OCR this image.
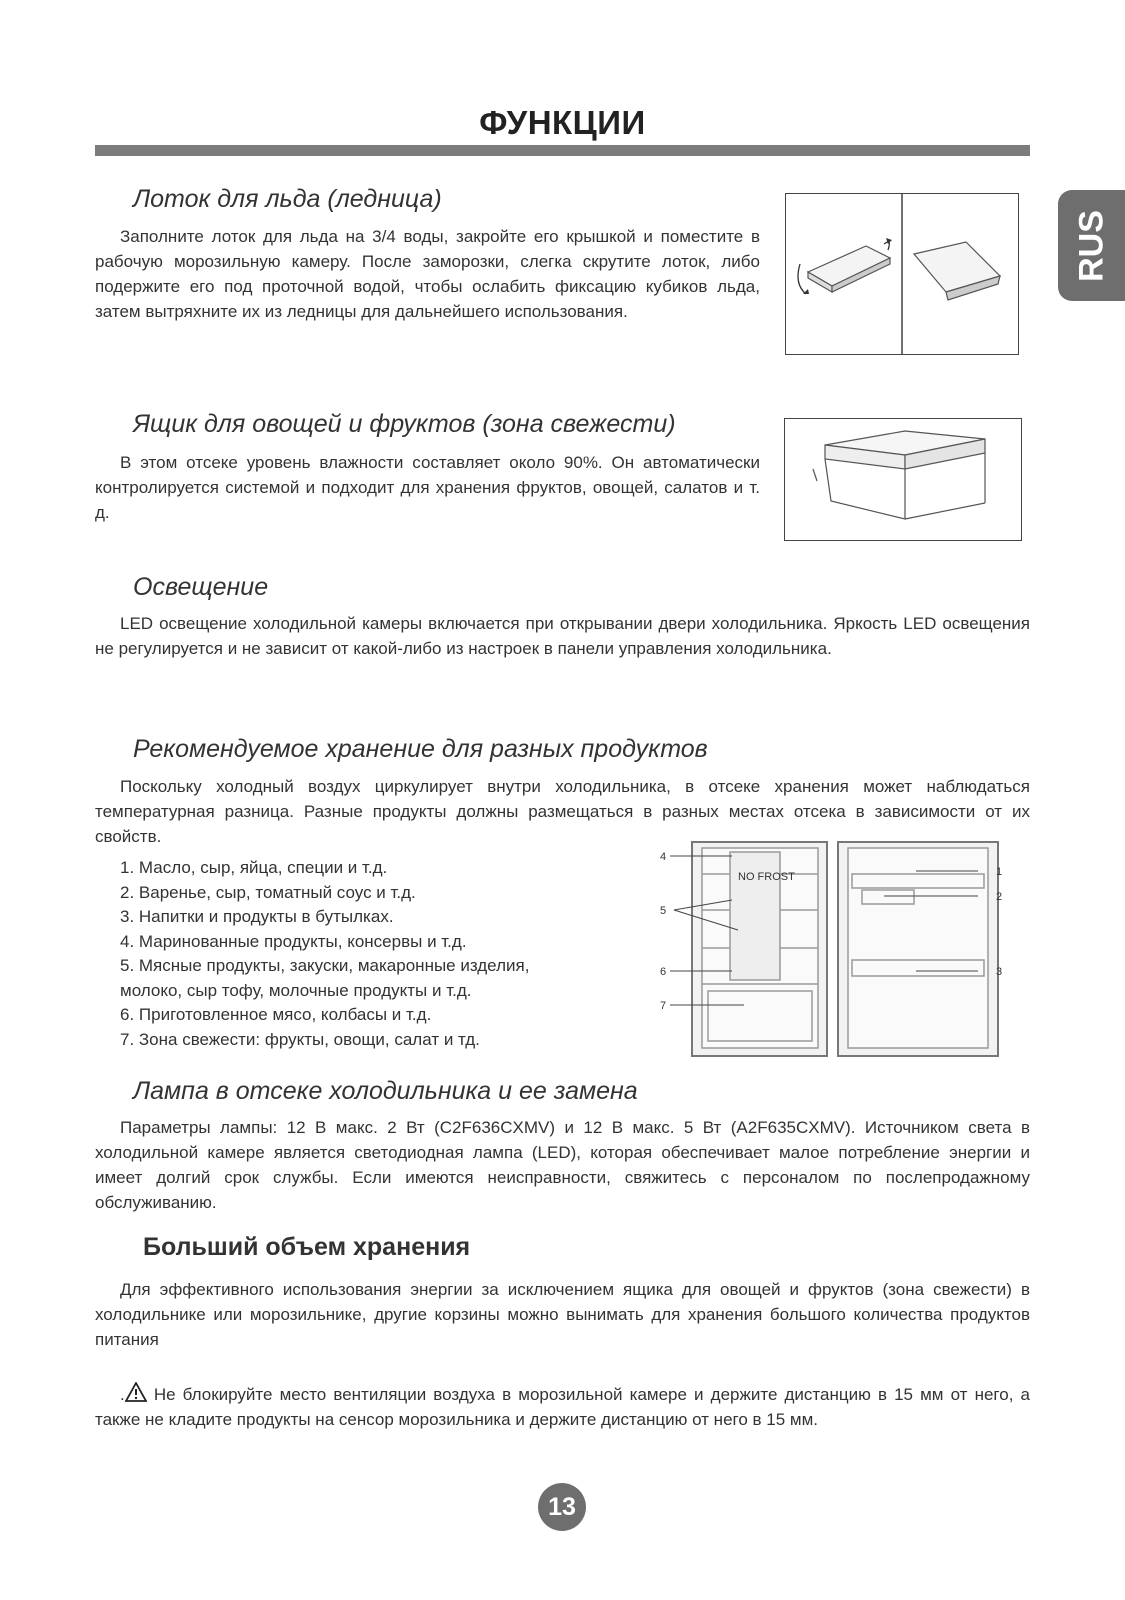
ФУНКЦИИ
RUS
Лоток для льда (ледница)
Заполните лоток для льда на 3/4 воды, закройте его крышкой и поместите в рабочую морозильную камеру. После заморозки, слегка скрутите лоток, либо подержите его под проточной водой, чтобы ослабить фиксацию кубиков льда, затем вытряхните их из ледницы для дальнейшего использования.
Ящик для овощей и фруктов (зона свежести)
В этом отсеке уровень влажности составляет около 90%. Он автоматически контролируется системой и подходит для хранения фруктов, овощей, салатов и т. д.
Освещение
LED освещение холодильной камеры включается при открывании двери холодильника. Яркость LED освещения не регулируется и не зависит от какой-либо из настроек в панели управления холодильника.
Рекомендуемое хранение для разных продуктов
Поскольку холодный воздух циркулирует внутри холодильника, в отсеке хранения может наблюдаться температурная разница. Разные продукты должны размещаться в разных местах отсека в зависимости от их свойств.
1. Масло, сыр, яйца, специи и т.д.
2. Варенье, сыр, томатный соус и т.д.
3. Напитки и продукты в бутылках.
4. Маринованные продукты, консервы и т.д.
5. Мясные продукты, закуски, макаронные изделия,
молоко, сыр тофу, молочные продукты и т.д.
6. Приготовленное мясо, колбасы и т.д.
7. Зона свежести: фрукты, овощи, салат и тд.
NO FROST
4
5
6
7
1
2
3
Лампа в отсеке холодильника и ее замена
Параметры лампы: 12 В макс. 2 Вт (C2F636CXMV) и 12 В макс. 5 Вт (A2F635CXMV). Источником света в холодильной камере является светодиодная лампа (LED), которая обеспечивает малое потребление энергии и имеет долгий срок службы. Если имеются неисправности, свяжитесь с персоналом по послепродажному обслуживанию.
Больший объем хранения
Для эффективного использования энергии за исключением ящика для овощей и фруктов (зона свежести) в холодильнике или морозильнике, другие корзины можно вынимать для хранения большого количества продуктов питания
. Не блокируйте место вентиляции воздуха в морозильной камере и держите дистанцию в 15 мм от него, а также не кладите продукты на сенсор морозильника и держите дистанцию от него в 15 мм.
13
